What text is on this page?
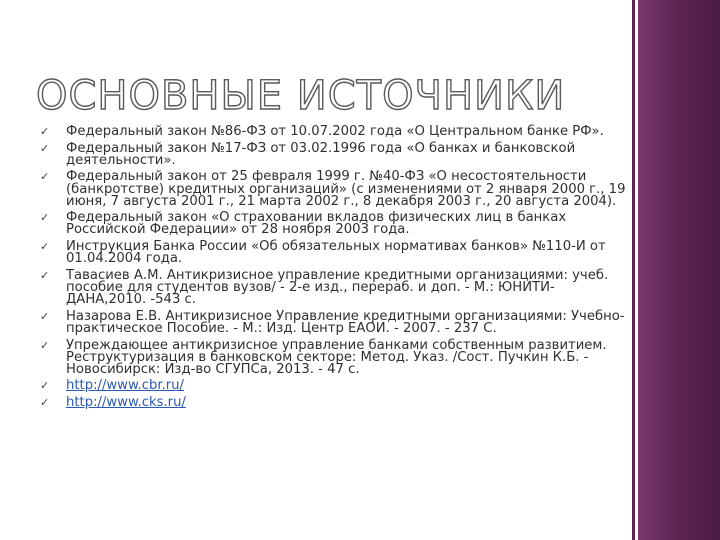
ОСНОВНЫЕ ИСТОЧНИКИ
✓ Федеральный закон №86-ФЗ от 10.07.2002 года «О Центральном банке РФ».
✓ Федеральный закон №17-ФЗ от 03.02.1996 года «О банках и банковской деятельности».
✓ Федеральный закон от 25 февраля 1999 г. №40-ФЗ «О несостоятельности (банкротстве) кредитных организаций» (с изменениями от 2 января 2000 г., 19 июня, 7 августа 2001 г., 21 марта 2002 г., 8 декабря 2003 г., 20 августа 2004).
✓ Федеральный закон «О страховании вкладов физических лиц в банках Российской Федерации» от 28 ноября 2003 года.
✓ Инструкция Банка России «Об обязательных нормативах банков» №110-И от 01.04.2004 года.
✓ Тавасиев А.М. Антикризисное управление кредитными организациями: учеб. пособие для студентов вузов/ - 2-е изд., перераб. и доп. - М.: ЮНИТИ-ДАНА,2010. -543 с.
✓ Назарова Е.В. Антикризисное Управление кредитными организациями: Учебно-практическое Пособие. - М.: Изд. Центр ЕАОИ. - 2007. - 237 С.
✓ Упреждающее антикризисное управление банками собственным развитием. Реструктуризация в банковском секторе: Метод. Указ. /Сост. Пучкин К.Б. - Новосибирск: Изд-во СГУПСа, 2013. - 47 с.
✓ http://www.cbr.ru/
✓ http://www.cks.ru/
